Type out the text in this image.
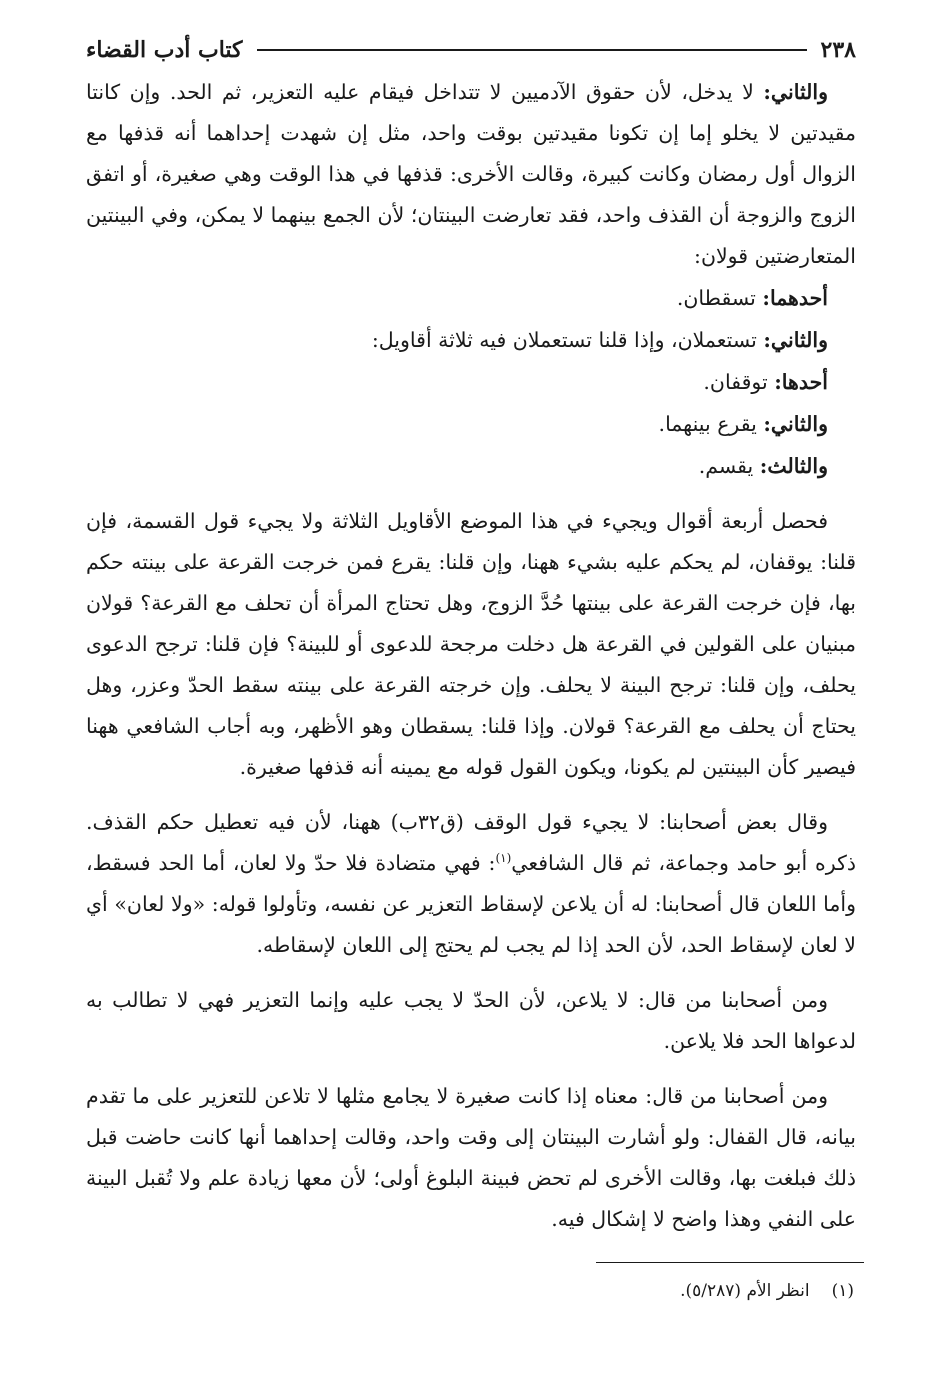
٢٣٨
كتاب أدب القضاء

والثاني: لا يدخل، لأن حقوق الآدميين لا تتداخل فيقام عليه التعزير، ثم الحد. وإن كانتا مقيدتين لا يخلو إما إن تكونا مقيدتين بوقت واحد، مثل إن شهدت إحداهما أنه قذفها مع الزوال أول رمضان وكانت كبيرة، وقالت الأخرى: قذفها في هذا الوقت وهي صغيرة، أو اتفق الزوج والزوجة أن القذف واحد، فقد تعارضت البينتان؛ لأن الجمع بينهما لا يمكن، وفي البينتين المتعارضتين قولان:

أحدهما: تسقطان.

والثاني: تستعملان، وإذا قلنا تستعملان فيه ثلاثة أقاويل:

أحدها: توقفان.

والثاني: يقرع بينهما.

والثالث: يقسم.

فحصل أربعة أقوال ويجيء في هذا الموضع الأقاويل الثلاثة ولا يجيء قول القسمة، فإن قلنا: يوقفان، لم يحكم عليه بشيء ههنا، وإن قلنا: يقرع فمن خرجت القرعة على بينته حكم بها، فإن خرجت القرعة على بينتها حُدَّ الزوج، وهل تحتاج المرأة أن تحلف مع القرعة؟ قولان مبنيان على القولين في القرعة هل دخلت مرجحة للدعوى أو للبينة؟ فإن قلنا: ترجح الدعوى يحلف، وإن قلنا: ترجح البينة لا يحلف. وإن خرجته القرعة على بينته سقط الحدّ وعزر، وهل يحتاج أن يحلف مع القرعة؟ قولان. وإذا قلنا: يسقطان وهو الأظهر، وبه أجاب الشافعي ههنا فيصير كأن البينتين لم يكونا، ويكون القول قوله مع يمينه أنه قذفها صغيرة.

وقال بعض أصحابنا: لا يجيء قول الوقف (ق٣٢ب) ههنا، لأن فيه تعطيل حكم القذف. ذكره أبو حامد وجماعة، ثم قال الشافعي$^{(١)}$: فهي متضادة فلا حدّ ولا لعان، أما الحد فسقط، وأما اللعان قال أصحابنا: له أن يلاعن لإسقاط التعزير عن نفسه، وتأولوا قوله: «ولا لعان» أي لا لعان لإسقاط الحد، لأن الحد إذا لم يجب لم يحتج إلى اللعان لإسقاطه.

ومن أصحابنا من قال: لا يلاعن، لأن الحدّ لا يجب عليه وإنما التعزير فهي لا تطالب به لدعواها الحد فلا يلاعن.

ومن أصحابنا من قال: معناه إذا كانت صغيرة لا يجامع مثلها لا تلاعن للتعزير على ما تقدم بيانه، قال القفال: ولو أشارت البينتان إلى وقت واحد، وقالت إحداهما أنها كانت حاضت قبل ذلك فبلغت بها، وقالت الأخرى لم تحض فبينة البلوغ أولى؛ لأن معها زيادة علم ولا تُقبل البينة على النفي وهذا واضح لا إشكال فيه.

(١)انظر الأم (٥/٢٨٧).
